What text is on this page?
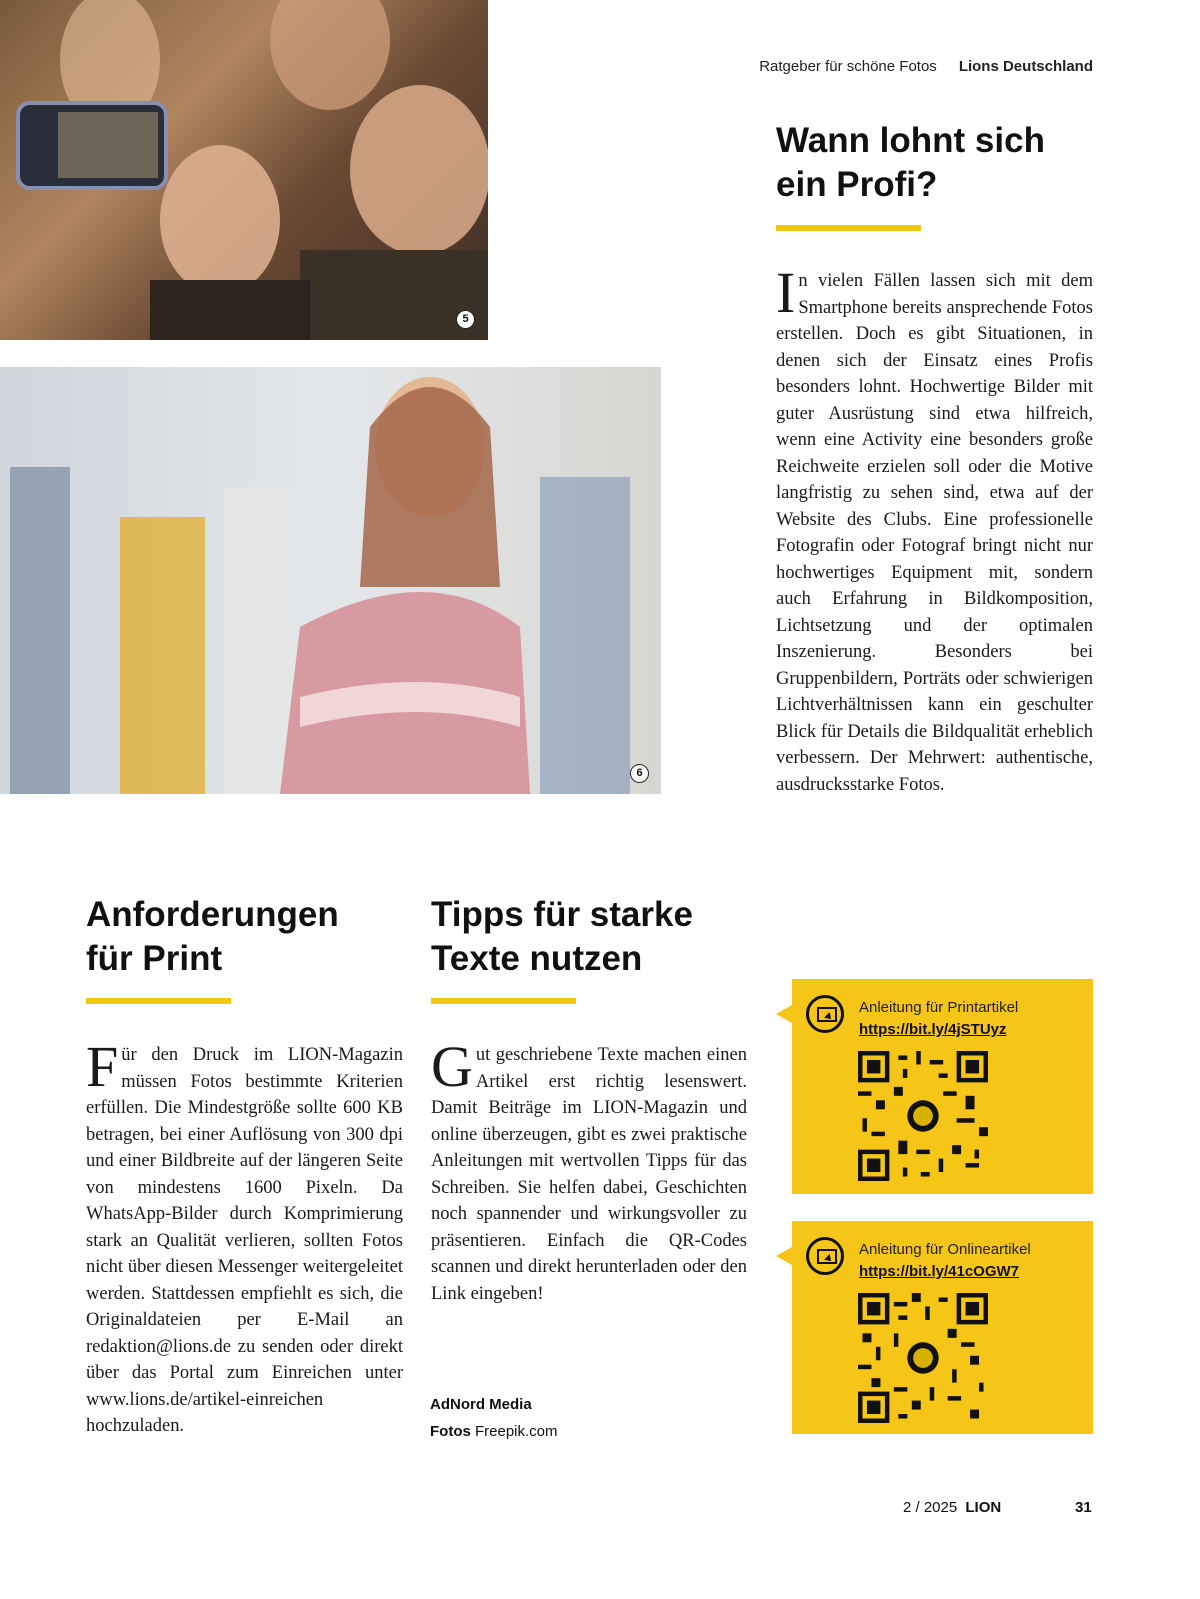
5
6
Ratgeber für schöne Fotos Lions Deutschland
Wann lohnt sich
ein Profi?

In vielen Fällen lassen sich mit dem Smartphone bereits ansprechende Fotos erstellen. Doch es gibt Situationen, in denen sich der Einsatz eines Profis besonders lohnt. Hochwertige Bilder mit guter Ausrüstung sind etwa hilfreich, wenn eine Activity eine besonders große Reichweite erzielen soll oder die Motive langfristig zu sehen sind, etwa auf der Website des Clubs. Eine professionelle Fotografin oder Fotograf bringt nicht nur hochwertiges Equipment mit, sondern auch Erfahrung in Bildkomposition, Lichtsetzung und der optimalen Inszenierung. Besonders bei Gruppenbildern, Porträts oder schwierigen Lichtverhältnissen kann ein geschulter Blick für Details die Bildqualität erheblich verbessern. Der Mehrwert: authentische, ausdrucksstarke Fotos.

Anforderungen
für Print

Für den Druck im LION-Magazin müssen Fotos bestimmte Kriterien erfüllen. Die Mindestgröße sollte 600 KB betragen, bei einer Auflösung von 300 dpi und einer Bildbreite auf der längeren Seite von mindestens 1600 Pixeln. Da WhatsApp-Bilder durch Komprimierung stark an Qualität verlieren, sollten Fotos nicht über diesen Messenger weitergeleitet werden. Stattdessen empfiehlt es sich, die Originaldateien per E-Mail an redaktion@lions.de zu senden oder direkt über das Portal zum Einreichen unter www.lions.de/artikel-einreichen hochzuladen.

Tipps für starke
Texte nutzen

Gut geschriebene Texte machen einen Artikel erst richtig lesenswert. Damit Beiträge im LION-Magazin und online überzeugen, gibt es zwei praktische Anleitungen mit wertvollen Tipps für das Schreiben. Sie helfen dabei, Geschichten noch spannender und wirkungsvoller zu präsentieren. Einfach die QR-Codes scannen und direkt herunterladen oder den Link eingeben!

AdNord Media
Fotos Freepik.com
Anleitung für Printartikel
https://bit.ly/4jSTUyz
Anleitung für Onlineartikel
https://bit.ly/41cOGW7
2 / 2025 LION	31
